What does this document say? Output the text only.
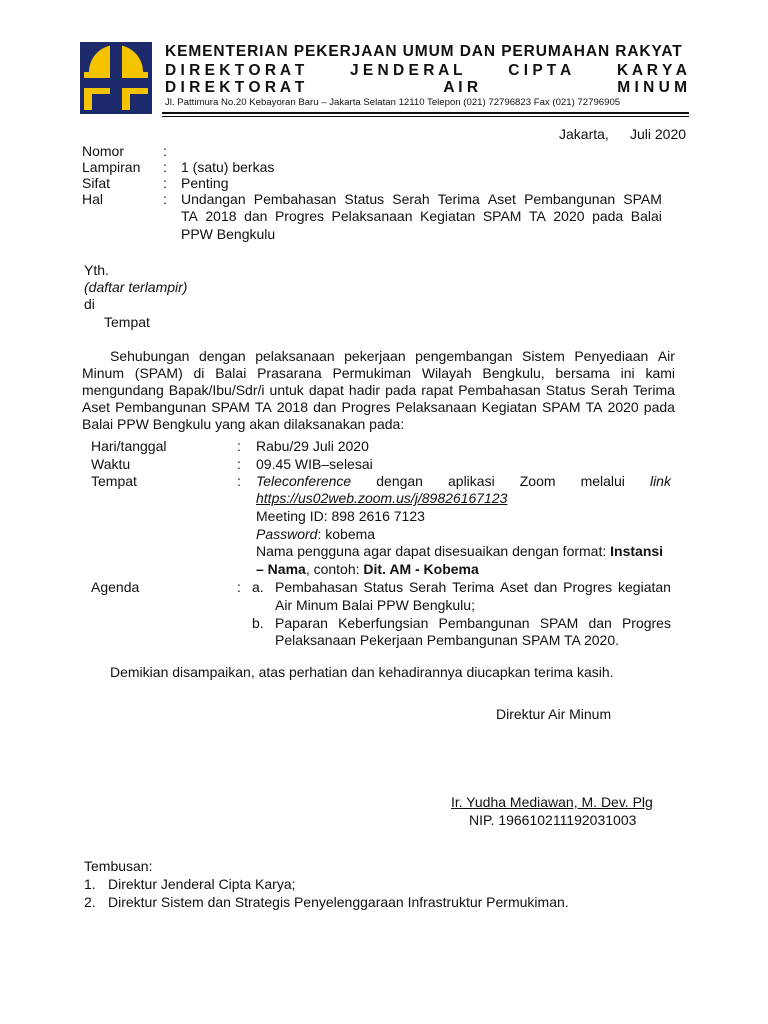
KEMENTERIAN PEKERJAAN UMUM DAN PERUMAHAN RAKYAT
D I R E K T O R A T	J E N D E R A L	C I P T A	K A R Y A
D I R E K T O R A T	A I R	M I N U M
Jl. Pattimura No.20 Kebayoran Baru – Jakarta Selatan 12110 Telepon (021) 72796823 Fax (021) 72796905
Jakarta, Juli 2020
Nomor	:
Lampiran : 1 (satu) berkas
Sifat	: Penting
Hal	: Undangan Pembahasan Status Serah Terima Aset Pembangunan SPAM
TA 2018 dan Progres Pelaksanaan Kegiatan SPAM TA 2020 pada Balai
PPW Bengkulu
Yth.
(daftar terlampir)
di
Tempat
Sehubungan dengan pelaksanaan pekerjaan pengembangan Sistem Penyediaan Air
Minum (SPAM) di Balai Prasarana Permukiman Wilayah Bengkulu, bersama ini kami
mengundang Bapak/Ibu/Sdr/i untuk dapat hadir pada rapat Pembahasan Status Serah Terima
Aset Pembangunan SPAM TA 2018 dan Progres Pelaksanaan Kegiatan SPAM TA 2020 pada
Balai PPW Bengkulu yang akan dilaksanakan pada:
Hari/tanggal	: Rabu/29 Juli 2020
Waktu	: 09.45 WIB–selesai
Tempat	: Teleconference dengan aplikasi Zoom melalui link
https://us02web.zoom.us/j/89826167123
Meeting ID: 898 2616 7123
Password: kobema
Nama pengguna agar dapat disesuaikan dengan format: Instansi
– Nama, contoh: Dit. AM - Kobema
Agenda	: a. Pembahasan Status Serah Terima Aset dan Progres kegiatan
Air Minum Balai PPW Bengkulu;
b. Paparan Keberfungsian Pembangunan SPAM dan Progres
Pelaksanaan Pekerjaan Pembangunan SPAM TA 2020.
Demikian disampaikan, atas perhatian dan kehadirannya diucapkan terima kasih.
Direktur Air Minum
Ir. Yudha Mediawan, M. Dev. Plg
NIP. 196610211192031003
Tembusan:
1. Direktur Jenderal Cipta Karya;
2. Direktur Sistem dan Strategis Penyelenggaraan Infrastruktur Permukiman.
